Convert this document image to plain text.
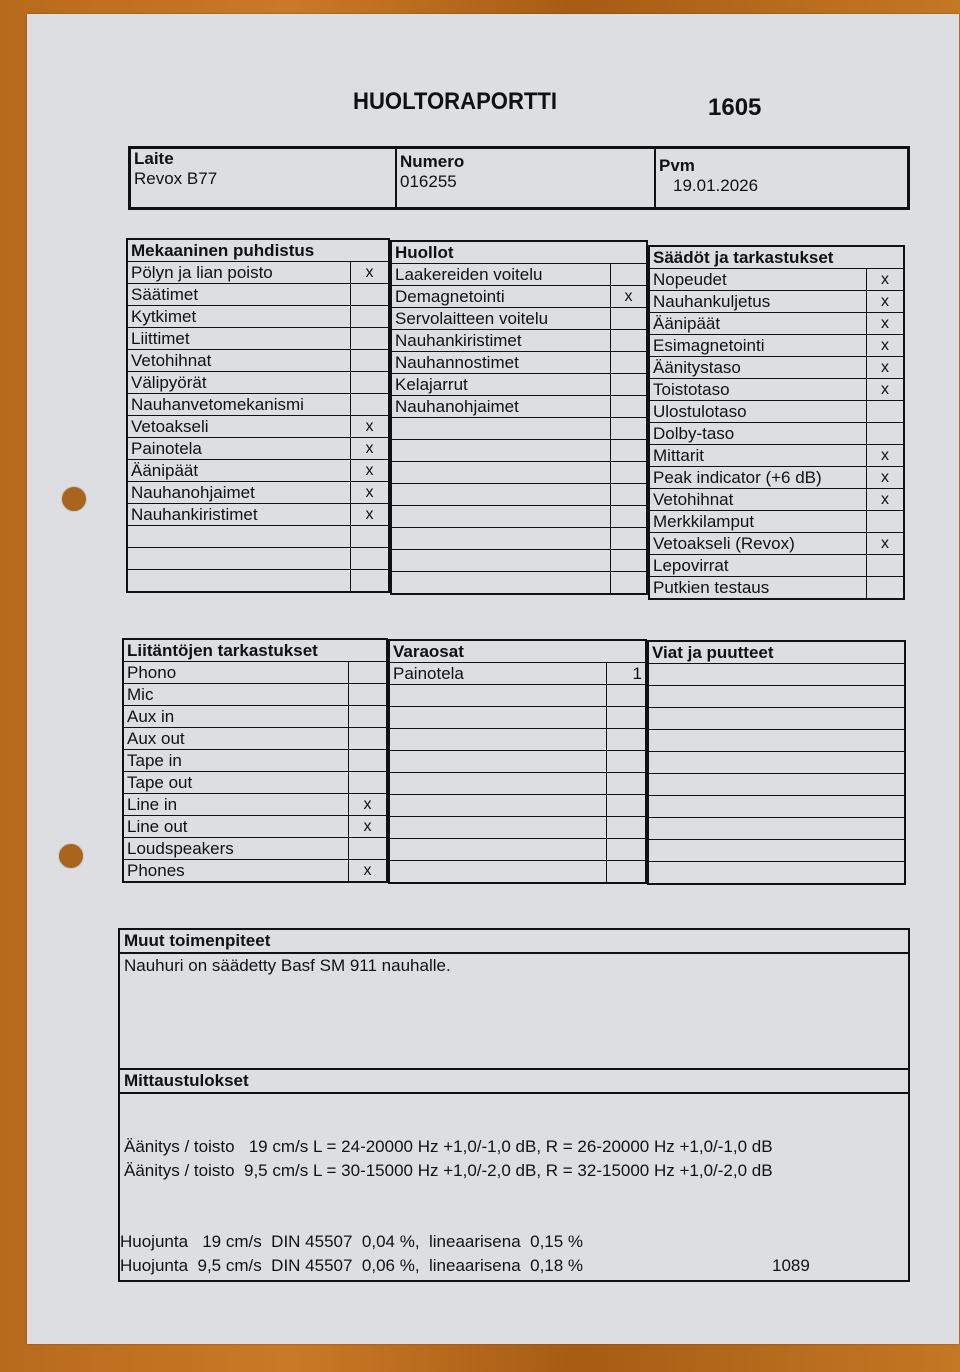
HUOLTORAPORTTI	1605
Laite
Revox B77
Numero
016255
Pvm
19.01.2026
Mekaaninen puhdistus	
Pölyn ja lian poisto	x
Säätimet	
Kytkimet	
Liittimet	
Vetohihnat	
Välipyörät	
Nauhanvetomekanismi	
Vetoakseli	x
Painotela	x
Äänipäät	x
Nauhanohjaimet	x
Nauhankiristimet	x

Huollot	
Laakereiden voitelu	
Demagnetointi	x
Servolaitteen voitelu	
Nauhankiristimet	
Nauhannostimet	
Kelajarrut	
Nauhanohjaimet	

Säädöt ja tarkastukset	
Nopeudet	x
Nauhankuljetus	x
Äänipäät	x
Esimagnetointi	x
Äänitystaso	x
Toistotaso	x
Ulostulotaso	
Dolby-taso	
Mittarit	x
Peak indicator (+6 dB)	x
Vetohihnat	x
Merkkilamput	
Vetoakseli (Revox)	x
Lepovirrat	
Putkien testaus	
Liitäntöjen tarkastukset	
Phono	
Mic	
Aux in	
Aux out	
Tape in	
Tape out	
Line in	x
Line out	x
Loudspeakers	
Phones	x
Varaosat	
Painotela	1

Viat ja puutteet

Muut toimenpiteet
Nauhuri on säädetty Basf SM 911 nauhalle.
Mittaustulokset
Äänitys / toisto   19 cm/s L = 24-20000 Hz +1,0/-1,0 dB, R = 26-20000 Hz +1,0/-1,0 dB
Äänitys / toisto  9,5 cm/s L = 30-15000 Hz +1,0/-2,0 dB, R = 32-15000 Hz +1,0/-2,0 dB
Huojunta   19 cm/s  DIN 45507  0,04 %,  lineaarisena  0,15 %
Huojunta  9,5 cm/s  DIN 45507  0,06 %,  lineaarisena  0,18 %	1089
